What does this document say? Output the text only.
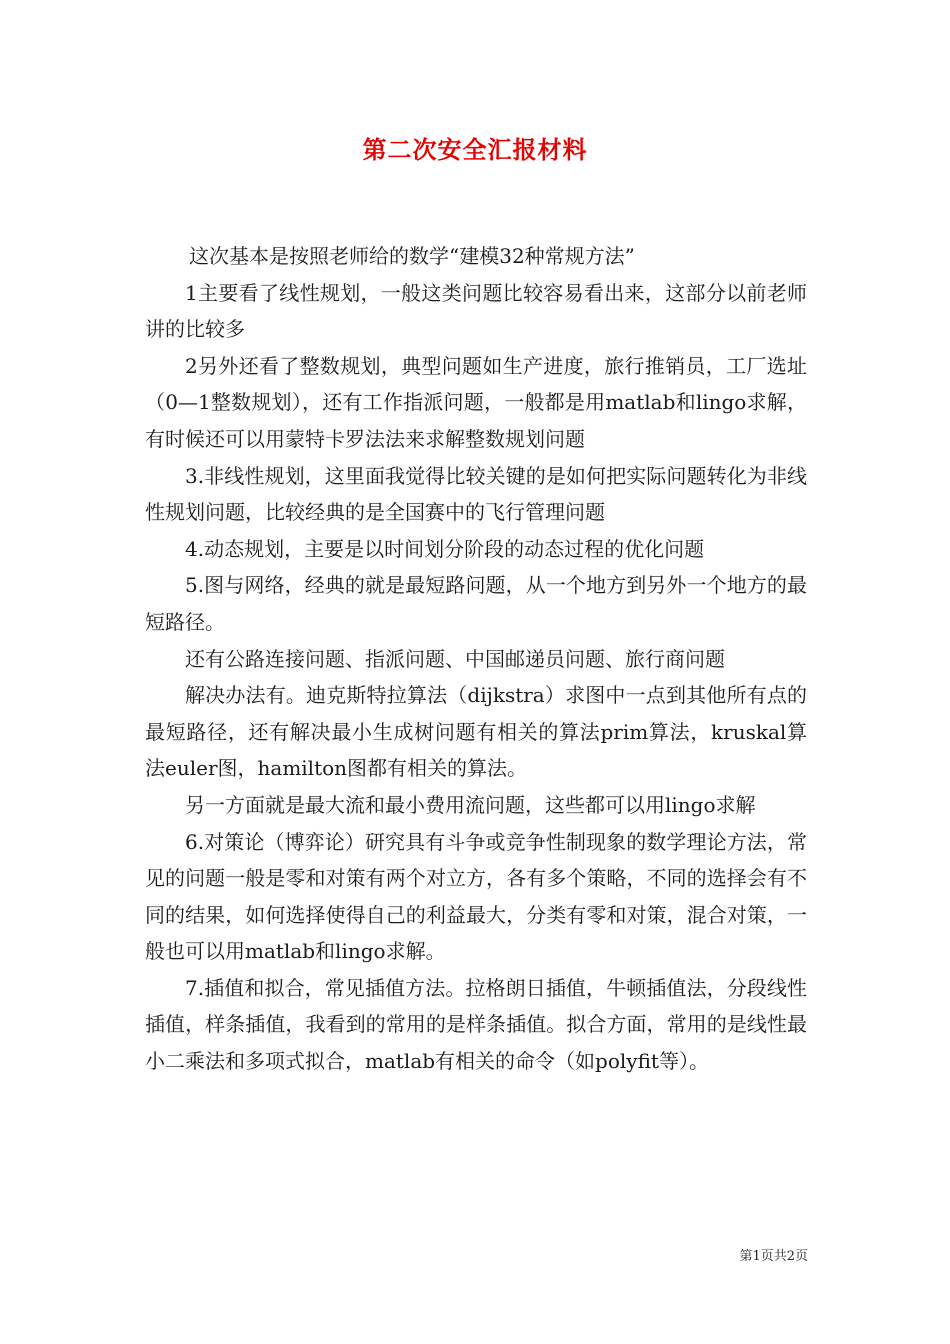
第二次安全汇报材料

这次基本是按照老师给的数学“建模32种常规方法”

1主要看了线性规划，一般这类问题比较容易看出来，这部分以前老师讲的比较多

2另外还看了整数规划，典型问题如生产进度，旅行推销员，工厂选址（0—1整数规划），还有工作指派问题，一般都是用matlab和lingo求解，有时候还可以用蒙特卡罗法法来求解整数规划问题

3.非线性规划，这里面我觉得比较关键的是如何把实际问题转化为非线性规划问题，比较经典的是全国赛中的飞行管理问题

4.动态规划，主要是以时间划分阶段的动态过程的优化问题

5.图与网络，经典的就是最短路问题，从一个地方到另外一个地方的最短路径。

还有公路连接问题、指派问题、中国邮递员问题、旅行商问题

解决办法有。迪克斯特拉算法（dijkstra）求图中一点到其他所有点的最短路径，还有解决最小生成树问题有相关的算法prim算法，kruskal算法euler图，hamilton图都有相关的算法。

另一方面就是最大流和最小费用流问题，这些都可以用lingo求解

6.对策论（博弈论）研究具有斗争或竞争性制现象的数学理论方法，常见的问题一般是零和对策有两个对立方，各有多个策略，不同的选择会有不同的结果，如何选择使得自己的利益最大，分类有零和对策，混合对策，一般也可以用matlab和lingo求解。

7.插值和拟合，常见插值方法。拉格朗日插值，牛顿插值法，分段线性插值，样条插值，我看到的常用的是样条插值。拟合方面，常用的是线性最小二乘法和多项式拟合，matlab有相关的命令（如polyfit等）。

第1页共2页
